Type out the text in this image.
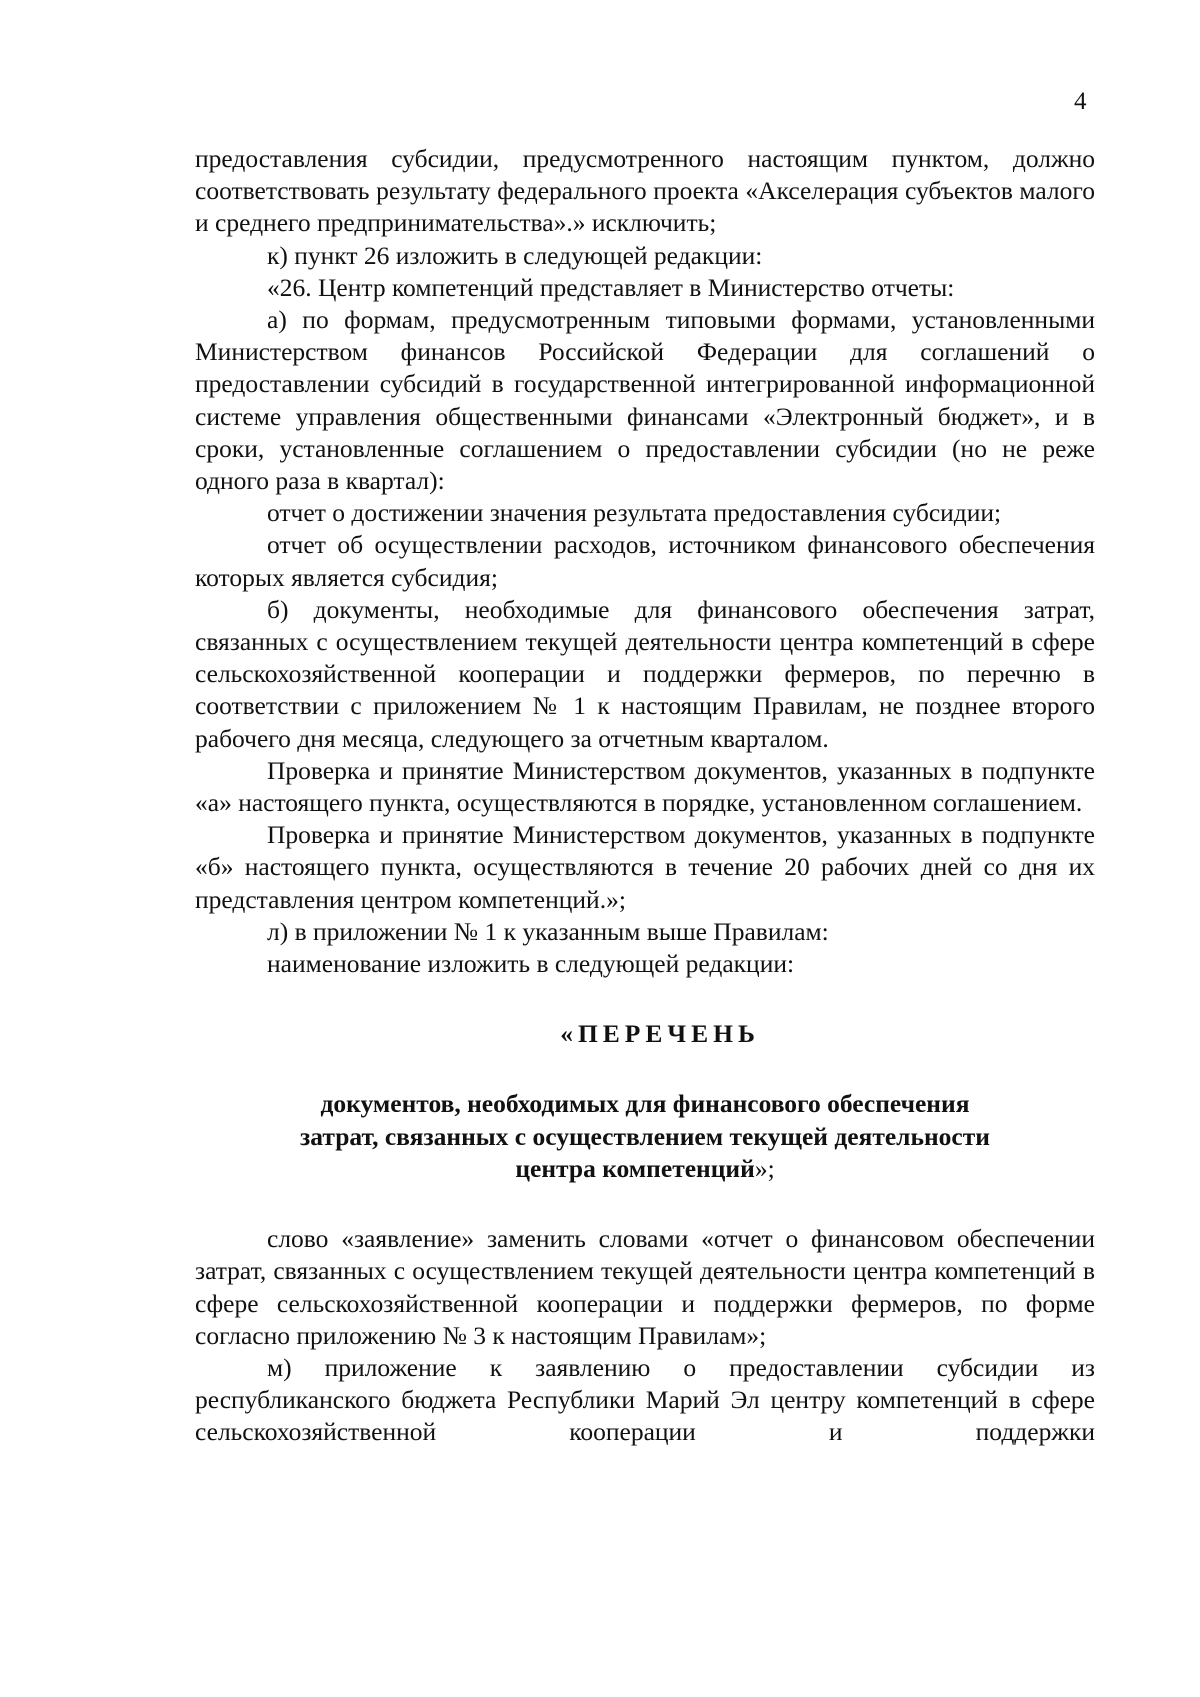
4

предоставления субсидии, предусмотренного настоящим пунктом, должно соответствовать результату федерального проекта «Акселерация субъектов малого и среднего предпринимательства».» исключить;

к) пункт 26 изложить в следующей редакции:

«26. Центр компетенций представляет в Министерство отчеты:

а) по формам, предусмотренным типовыми формами, установленными Министерством финансов Российской Федерации для соглашений о предоставлении субсидий в государственной интегрированной информационной системе управления общественными финансами «Электронный бюджет», и в сроки, установленные соглашением о предоставлении субсидии (но не реже одного раза в квартал):

отчет о достижении значения результата предоставления субсидии;

отчет об осуществлении расходов, источником финансового обеспечения которых является субсидия;

б) документы, необходимые для финансового обеспечения затрат, связанных с осуществлением текущей деятельности центра компетенций в сфере сельскохозяйственной кооперации и поддержки фермеров, по перечню в соответствии с приложением № 1 к настоящим Правилам, не позднее второго рабочего дня месяца, следующего за отчетным кварталом.

Проверка и принятие Министерством документов, указанных в подпункте «а» настоящего пункта, осуществляются в порядке, установленном соглашением.

Проверка и принятие Министерством документов, указанных в подпункте «б» настоящего пункта, осуществляются в течение 20 рабочих дней со дня их представления центром компетенций.»;

л) в приложении № 1 к указанным выше Правилам:

наименование изложить в следующей редакции:

«ПЕРЕЧЕНЬ

документов, необходимых для финансового обеспечения
затрат, связанных с осуществлением текущей деятельности
центра компетенций»;

слово «заявление» заменить словами «отчет о финансовом обеспечении затрат, связанных с осуществлением текущей деятельности центра компетенций в сфере сельскохозяйственной кооперации и поддержки фермеров, по форме согласно приложению № 3 к настоящим Правилам»;

м) приложение к заявлению о предоставлении субсидии из республиканского бюджета Республики Марий Эл центру компетенций в сфере сельскохозяйственной кооперации и поддержки
